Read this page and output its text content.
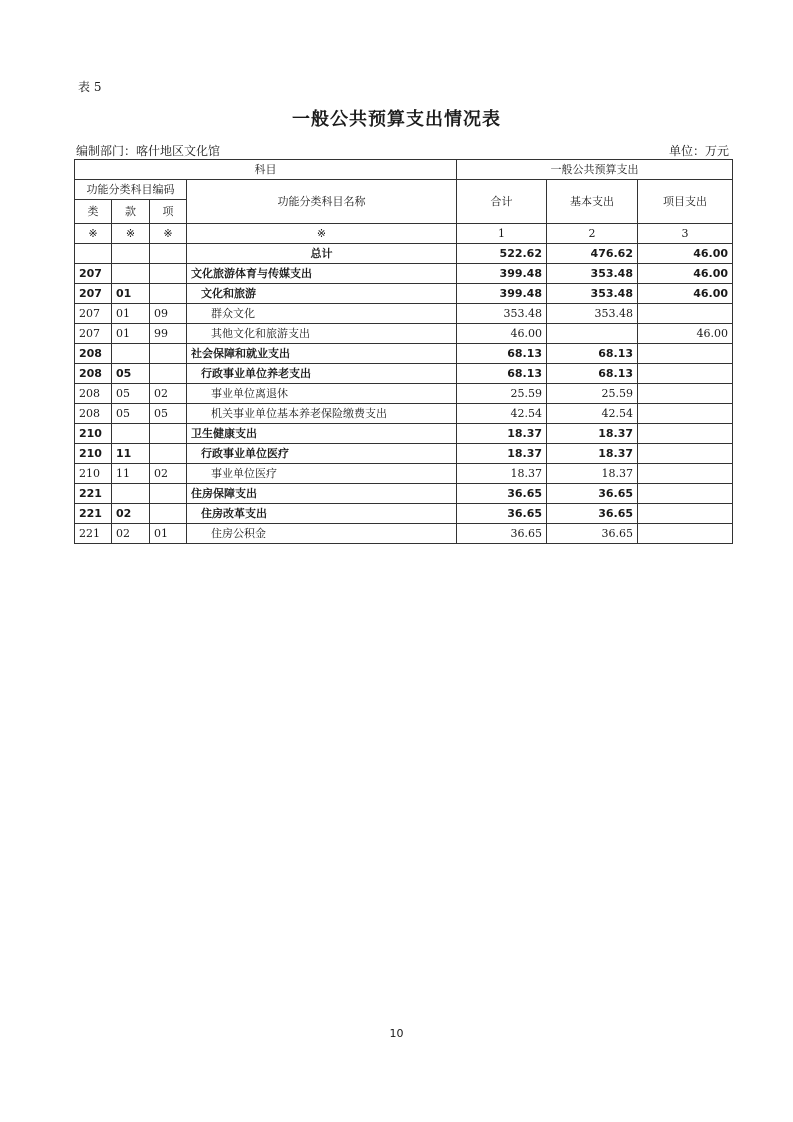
表 5
一般公共预算支出情况表
编制部门：喀什地区文化馆	单位：万元
科目				一般公共预算支出		
功能分类科目编码			功能分类科目名称	合计	基本支出	项目支出
类	款	项				
※	※	※	※	1	2	3
			总计	522.62	476.62	46.00
207			文化旅游体育与传媒支出	399.48	353.48	46.00
207	01		文化和旅游	399.48	353.48	46.00
207	01	09	群众文化	353.48	353.48	
207	01	99	其他文化和旅游支出	46.00		46.00
208			社会保障和就业支出	68.13	68.13	
208	05		行政事业单位养老支出	68.13	68.13	
208	05	02	事业单位离退休	25.59	25.59	
208	05	05	机关事业单位基本养老保险缴费支出	42.54	42.54	
210			卫生健康支出	18.37	18.37	
210	11		行政事业单位医疗	18.37	18.37	
210	11	02	事业单位医疗	18.37	18.37	
221			住房保障支出	36.65	36.65	
221	02		住房改革支出	36.65	36.65	
221	02	01	住房公积金	36.65	36.65	
10
